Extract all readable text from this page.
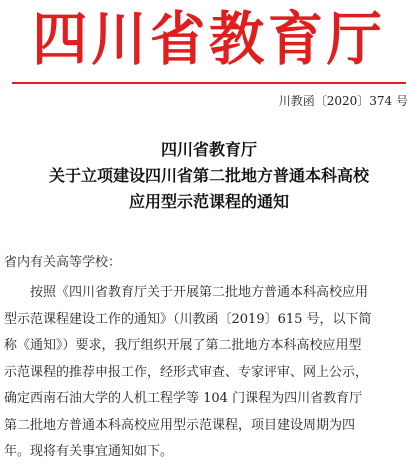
四川省教育厅
川教函〔2020〕374 号
四川省教育厅
关于立项建设四川省第二批地方普通本科高校
应用型示范课程的通知
省内有关高等学校：
按照《四川省教育厅关于开展第二批地方普通本科高校应用
型示范课程建设工作的通知》（川教函〔2019〕615 号，以下简
称《通知》）要求，我厅组织开展了第二批地方本科高校应用型
示范课程的推荐申报工作，经形式审查、专家评审、网上公示，
确定西南石油大学的人机工程学等 104 门课程为四川省教育厅
第二批地方普通本科高校应用型示范课程，项目建设周期为四
年。现将有关事宜通知如下。
